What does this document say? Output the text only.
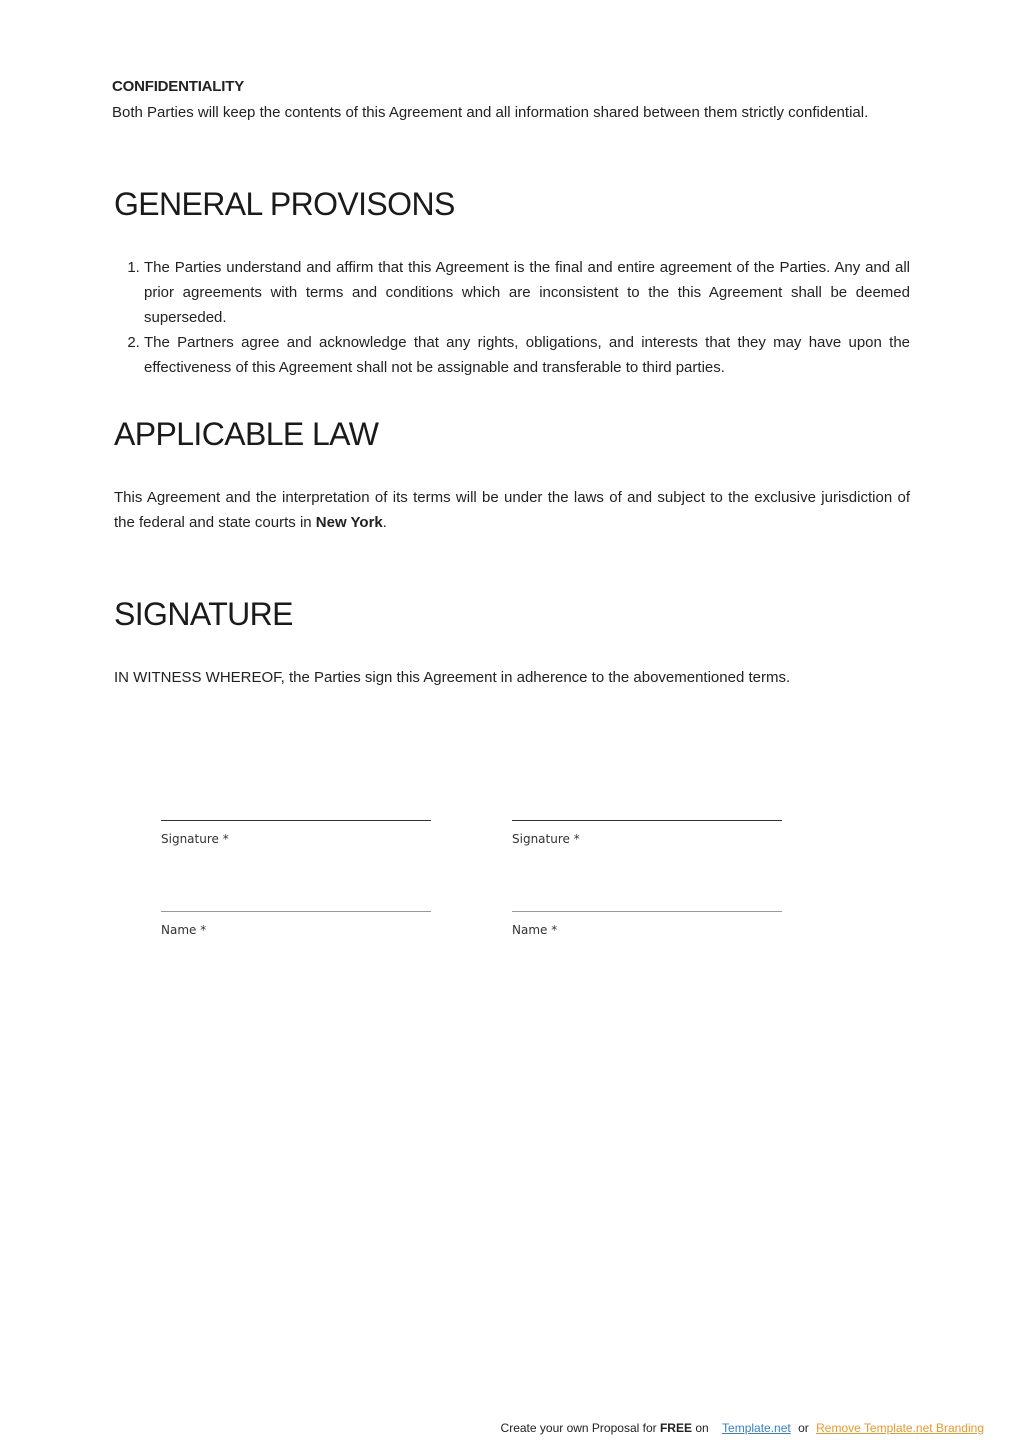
CONFIDENTIALITY

Both Parties will keep the contents of this Agreement and all information shared between them strictly confidential.

GENERAL PROVISONS
1. The Parties understand and affirm that this Agreement is the final and entire agreement of the Parties. Any and all prior agreements with terms and conditions which are inconsistent to the this Agreement shall be deemed superseded.
2. The Partners agree and acknowledge that any rights, obligations, and interests that they may have upon the effectiveness of this Agreement shall not be assignable and transferable to third parties.
APPLICABLE LAW

This Agreement and the interpretation of its terms will be under the laws of and subject to the exclusive jurisdiction of the federal and state courts in New York.

SIGNATURE

IN WITNESS WHEREOF, the Parties sign this Agreement in adherence to the abovementioned terms.

Signature *	Signature *
Name *	Name *
Create your own Proposal for FREE on Template.net or Remove Template.net Branding
